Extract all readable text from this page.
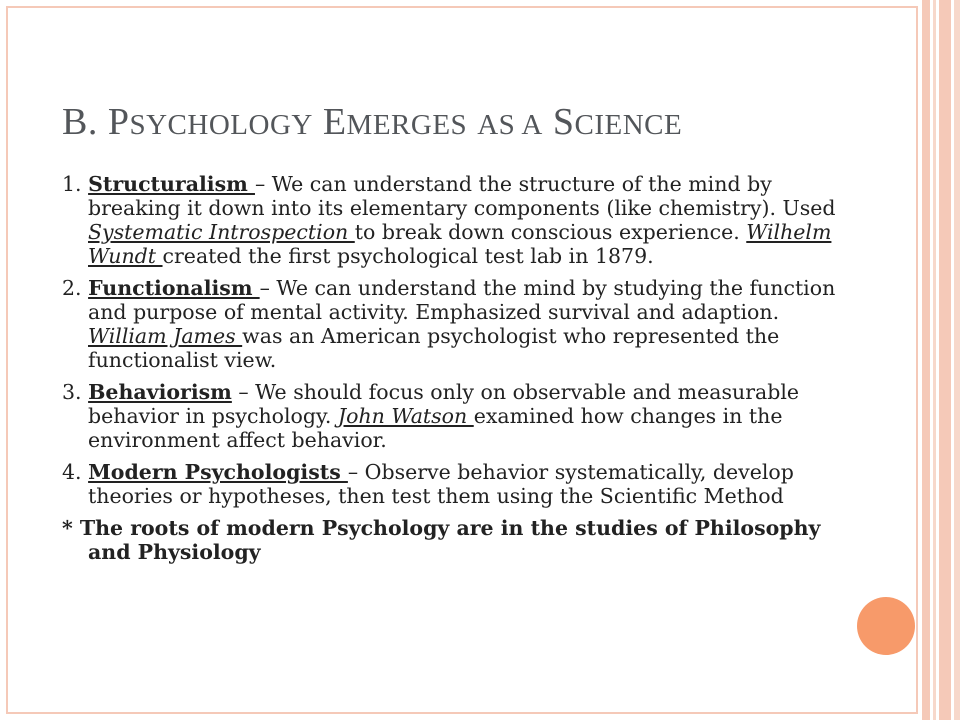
B. PSYCHOLOGY EMERGES AS A SCIENCE
1. Structuralism – We can understand the structure of the mind by breaking it down into its elementary components (like chemistry). Used Systematic Introspection to break down conscious experience. Wilhelm Wundt created the first psychological test lab in 1879.
2. Functionalism – We can understand the mind by studying the function and purpose of mental activity. Emphasized survival and adaption. William James was an American psychologist who represented the functionalist view.
3. Behaviorism – We should focus only on observable and measurable behavior in psychology. John Watson examined how changes in the environment affect behavior.
4. Modern Psychologists – Observe behavior systematically, develop theories or hypotheses, then test them using the Scientific Method
* The roots of modern Psychology are in the studies of Philosophy and Physiology
